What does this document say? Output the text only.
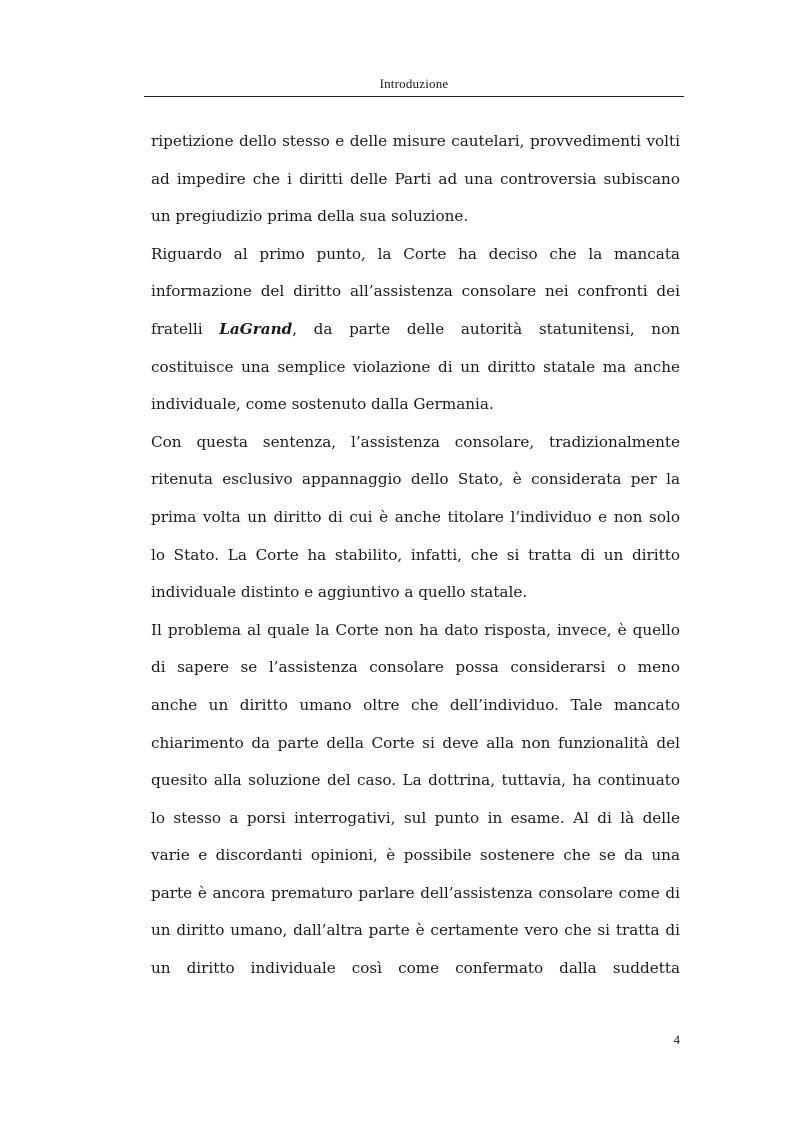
Introduzione

ripetizione dello stesso e delle misure cautelari, provvedimenti volti
ad impedire che i diritti delle Parti ad una controversia subiscano
un pregiudizio prima della sua soluzione.

Riguardo al primo punto, la Corte ha deciso che la mancata
informazione del diritto all’assistenza consolare nei confronti dei
fratelli LaGrand, da parte delle autorità statunitensi, non
costituisce una semplice violazione di un diritto statale ma anche
individuale, come sostenuto dalla Germania.

Con questa sentenza, l’assistenza consolare, tradizionalmente
ritenuta esclusivo appannaggio dello Stato, è considerata per la
prima volta un diritto di cui è anche titolare l’individuo e non solo
lo Stato. La Corte ha stabilito, infatti, che si tratta di un diritto
individuale distinto e aggiuntivo a quello statale.

Il problema al quale la Corte non ha dato risposta, invece, è quello
di sapere se l’assistenza consolare possa considerarsi o meno
anche un diritto umano oltre che dell’individuo. Tale mancato
chiarimento da parte della Corte si deve alla non funzionalità del
quesito alla soluzione del caso. La dottrina, tuttavia, ha continuato
lo stesso a porsi interrogativi, sul punto in esame. Al di là delle
varie e discordanti opinioni, è possibile sostenere che se da una
parte è ancora prematuro parlare dell’assistenza consolare come di
un diritto umano, dall’altra parte è certamente vero che si tratta di
un diritto individuale così come confermato dalla suddetta

4
